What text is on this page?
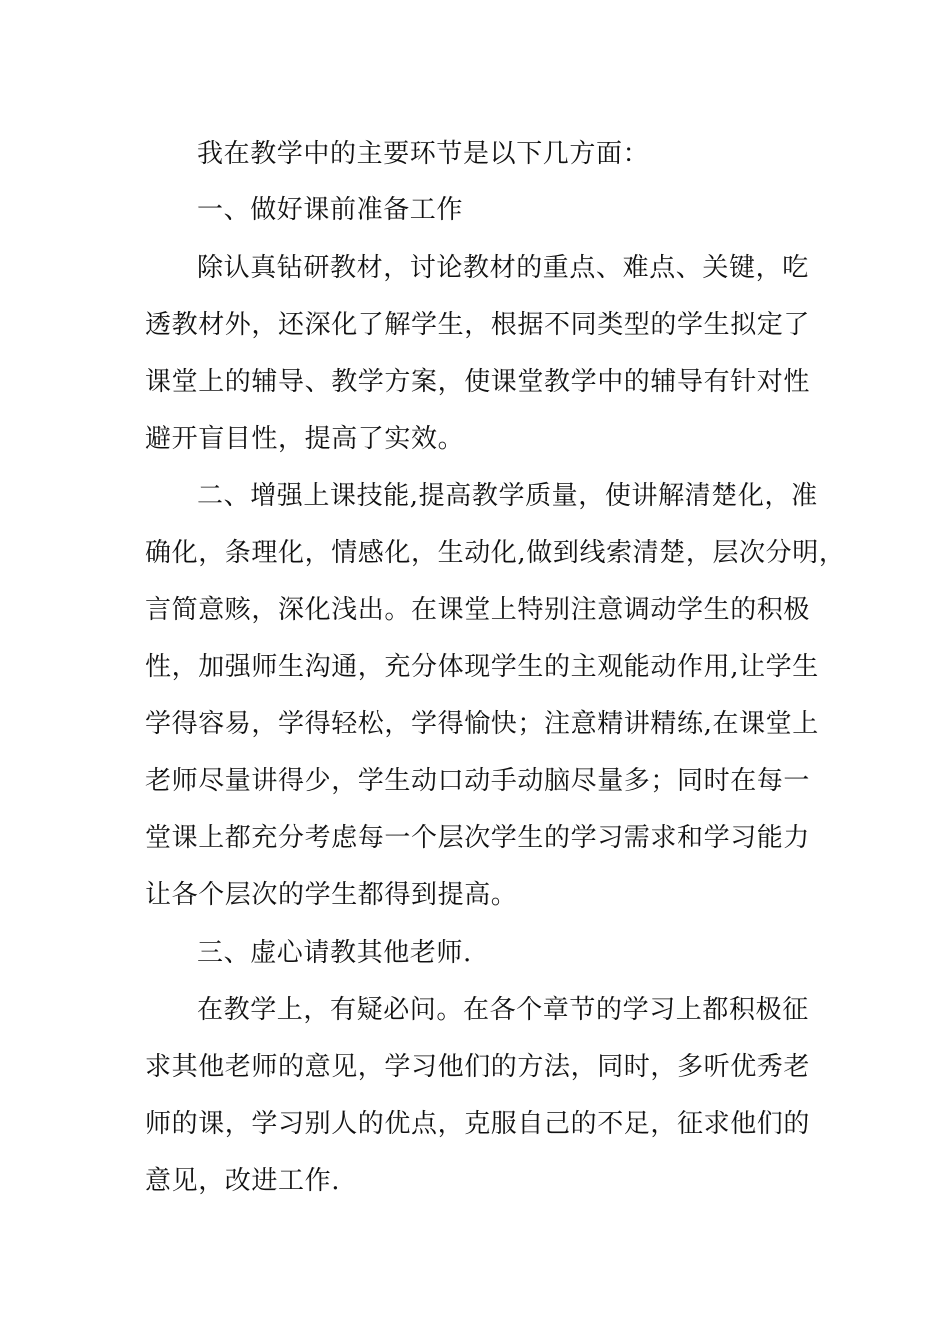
我在教学中的主要环节是以下几方面：
一、做好课前准备工作
除认真钻研教材，讨论教材的重点、难点、关键，吃
透教材外，还深化了解学生，根据不同类型的学生拟定了
课堂上的辅导、教学方案，使课堂教学中的辅导有针对性
避开盲目性，提高了实效。
二、增强上课技能,提高教学质量，使讲解清楚化，准
确化，条理化，情感化，生动化,做到线索清楚，层次分明，
言简意赅，深化浅出。在课堂上特别注意调动学生的积极
性，加强师生沟通，充分体现学生的主观能动作用,让学生
学得容易，学得轻松，学得愉快；注意精讲精练,在课堂上
老师尽量讲得少，学生动口动手动脑尽量多；同时在每一
堂课上都充分考虑每一个层次学生的学习需求和学习能力
让各个层次的学生都得到提高。
三、虚心请教其他老师.
在教学上，有疑必问。在各个章节的学习上都积极征
求其他老师的意见，学习他们的方法，同时，多听优秀老
师的课，学习别人的优点，克服自己的不足，征求他们的
意见，改进工作.
